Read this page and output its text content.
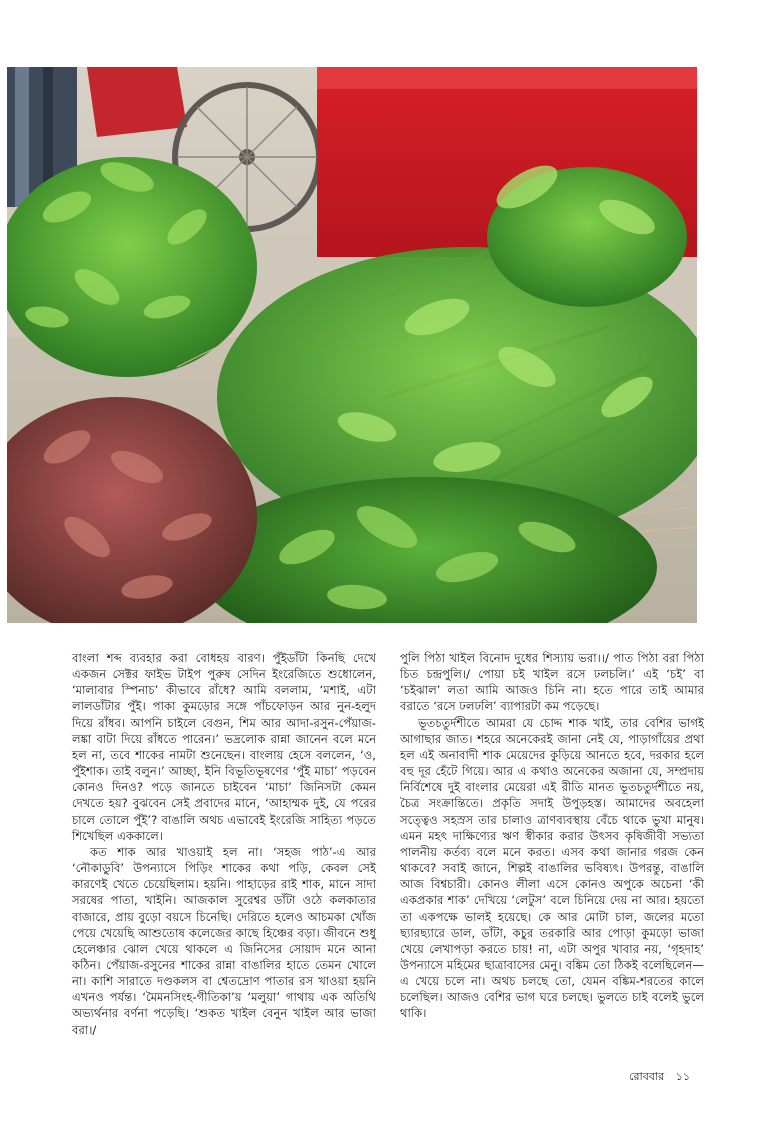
বাংলা শব্দ ব্যবহার করা বোধহয় বারণ। পুঁইডাঁটা কিনছি দেখে একজন সেক্টর ফাইভ টাইপ পুরুষ সেদিন ইংরেজিতে শুধোলেন, ‘মালাবার স্পিনাচ’ কীভাবে রাঁধে? আমি বললাম, ‘মশাই, এটা লালডাঁটার পুঁই। পাকা কুমড়োর সঙ্গে পাঁচফোড়ন আর নুন-হলুদ দিয়ে রাঁধব। আপনি চাইলে বেগুন, শিম আর আদা-রসুন-পেঁয়াজ-লঙ্কা বাটা দিয়ে রাঁধতে পারেন।’ ভদ্রলোক রান্না জানেন বলে মনে হল না, তবে শাকের নামটা শুনেছেন। বাংলায় হেসে বললেন, ‘ও, পুঁইশাক। তাই বলুন।’ আচ্ছা, ইনি বিভূতিভূষণের ‘পুঁই মাচা’ পড়বেন কোনও দিনও? পড়ে জানতে চাইবেন ‘মাচা’ জিনিসটা কেমন দেখতে হয়? বুঝবেন সেই প্রবাদের মানে, ‘আহাম্মক দুই, যে পরের চালে তোলে পুঁই’? বাঙালি অথচ এভাবেই ইংরেজি সাহিত্য পড়তে শিখেছিল এককালে।

কত শাক আর খাওয়াই হল না। ‘সহজ পাঠ’-এ আর ‘নৌকাডুবি’ উপন্যাসে পিড়িং শাকের কথা পড়ি, কেবল সেই কারণেই খেতে চেয়েছিলাম। হয়নি। পাহাড়ের রাই শাক, মানে সাদা সরষের পাতা, খাইনি। আজকাল সুরেশ্বর ডাঁটা ওঠে কলকাতার বাজারে, প্রায় বুড়ো বয়সে চিনেছি। দেরিতে হলেও আচমকা খোঁজ পেয়ে খেয়েছি আশুতোষ কলেজের কাছে হিঞ্চের বড়া। জীবনে শুধু হেলেঞ্চার ঝোল খেয়ে থাকলে এ জিনিসের সোয়াদ মনে আনা কঠিন। পেঁয়াজ-রসুনের শাকের রান্না বাঙালির হাতে তেমন খোলে না। কাশি সারাতে দণ্ডকলস বা শ্বেতদ্রোণ পাতার রস খাওয়া হয়নি এখনও পর্যন্ত। ‘মৈমনসিংহ-গীতিকা’য় ‘মলুয়া’ গাথায় এক অতিথি অভ্যর্থনার বর্ণনা পড়েছি। ‘শুকত খাইল বেনুন খাইল আর ভাজা বরা।/

পুলি পিঠা খাইল বিনোদ দুধের শিস্যায় ভরা।।/ পাত পিঠা বরা পিঠা চিত চন্দ্রপুলি।/ পোয়া চই খাইল রসে ঢলচলি।’ এই ‘চই’ বা ‘চইঝাল’ লতা আমি আজও চিনি না। হতে পারে তাই আমার বরাতে ‘রসে ঢলঢলি’ ব্যাপারটা কম পড়েছে।

ভূতচতুর্দশীতে আমরা যে চোদ্দ শাক খাই, তার বেশির ভাগই আগাছার জাত। শহরে অনেকেরই জানা নেই যে, পাড়াগাঁয়ের প্রথা হল এই অনাবাদী শাক মেয়েদের কুড়িয়ে আনতে হবে, দরকার হলে বহু দূর হেঁটে গিয়ে। আর এ কথাও অনেকের অজানা যে, সম্প্রদায় নির্বিশেষে দুই বাংলার মেয়েরা এই রীতি মানত ভূতচতুর্দশীতে নয়, চৈত্র সংক্রান্তিতে। প্রকৃতি সদাই উপুড়হস্ত। আমাদের অবহেলা সত্ত্বেও সহস্রস তার চালাও ত্রাণব্যবস্থায় বেঁচে থাকে ভুখা মানুষ। এমন মহৎ দাক্ষিণ্যের ঋণ স্বীকার করার উৎসব কৃষিজীবী সভ্যতা পালনীয় কর্তব্য বলে মনে করত। এসব কথা জানার গরজ কেন থাকবে? সবাই জানে, শিল্পই বাঙালির ভবিষ্যৎ। উপরন্তু, বাঙালি আজ বিশ্বচারী। কোনও লীলা এসে কোনও অপুকে অচেনা ‘কী একপ্রকার শাক’ দেখিয়ে ‘লেটুস’ বলে চিনিয়ে দেয় না আর। হয়তো তা একপক্ষে ভালই হয়েছে। কে আর মোটা চাল, জলের মতো ছ্যারছ্যারে ডাল, ডাঁটা, কচুর তরকারি আর পোড়া কুমড়ো ভাজা খেয়ে লেখাপড়া করতে চায়! না, এটা অপুর খাবার নয়, ‘গৃহদাহ’ উপন্যাসে মহিমের ছাত্রাবাসের মেনু। বঙ্কিম তো ঠিকই বলেছিলেন— এ খেয়ে চলে না। অথচ চলছে তো, যেমন বঙ্কিম-শরতের কালে চলেছিল। আজও বেশির ভাগ ঘরে চলছে। ভুলতে চাই বলেই ভুলে থাকি।

রোববার ১১
